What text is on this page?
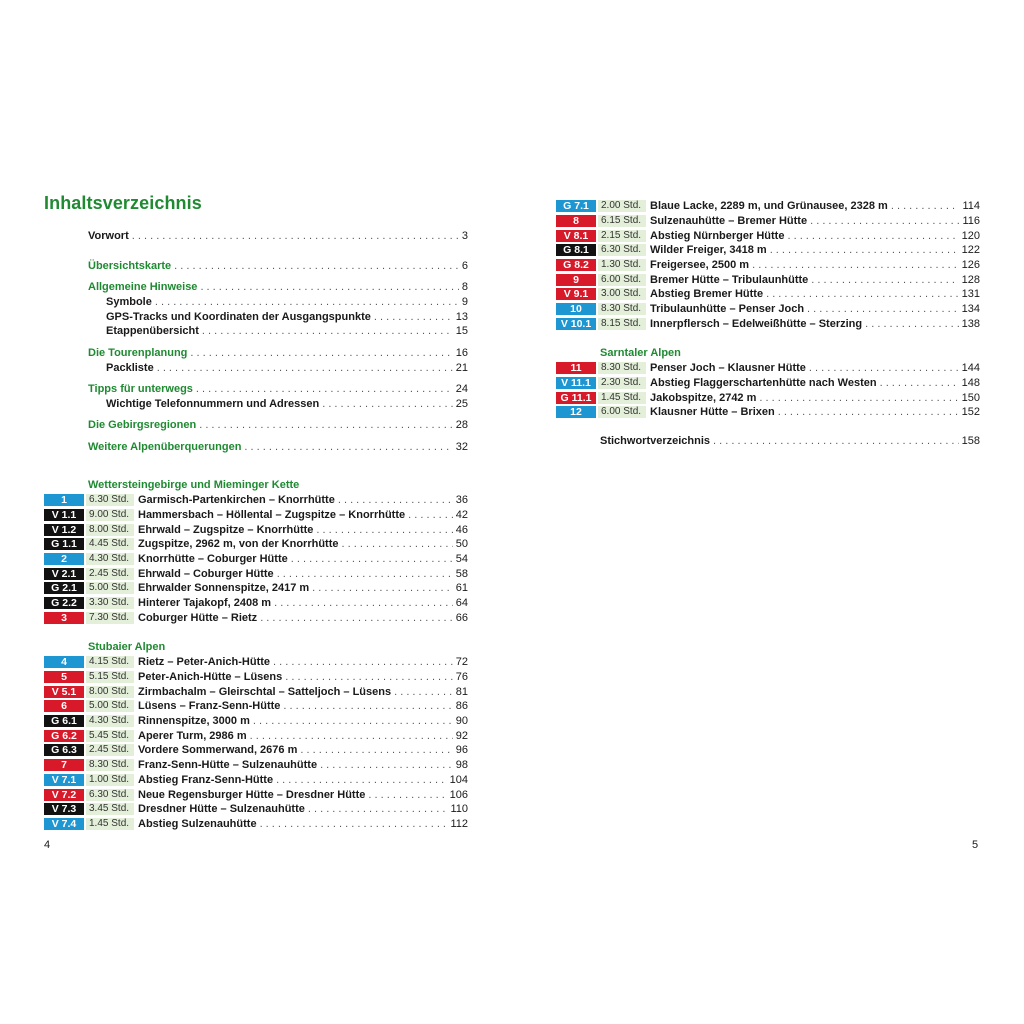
Inhaltsverzeichnis
Vorwort . . .	3
Übersichtskarte . . .	6
Allgemeine Hinweise . . .	8
Symbole . . .	9
GPS-Tracks und Koordinaten der Ausgangspunkte . . .	13
Etappenübersicht . . .	15
Die Tourenplanung . . .	16
Packliste . . .	21
Tipps für unterwegs . . .	24
Wichtige Telefonnummern und Adressen . . .	25
Die Gebirgsregionen . . .	28
Weitere Alpenüberquerungen . . .	32
Wettersteingebirge und Mieminger Kette
1	6.30 Std. Garmisch-Partenkirchen – Knorrhütte . . .	36
V 1.1	9.00 Std. Hammersbach – Höllental – Zugspitze – Knorrhütte . . .	42
V 1.2	8.00 Std. Ehrwald – Zugspitze – Knorrhütte . . .	46
G 1.1	4.45 Std. Zugspitze, 2962 m, von der Knorrhütte . . .	50
2	4.30 Std. Knorrhütte – Coburger Hütte . . .	54
V 2.1	2.45 Std. Ehrwald – Coburger Hütte . . .	58
G 2.1	5.00 Std. Ehrwalder Sonnenspitze, 2417 m . . .	61
G 2.2	3.30 Std. Hinterer Tajakopf, 2408 m . . .	64
3	7.30 Std. Coburger Hütte – Rietz . . .	66
Stubaier Alpen
4	4.15 Std. Rietz – Peter-Anich-Hütte . . .	72
5	5.15 Std. Peter-Anich-Hütte – Lüsens . . .	76
V 5.1	8.00 Std. Zirmbachalm – Gleirschtal – Satteljoch – Lüsens . . .	81
6	5.00 Std. Lüsens – Franz-Senn-Hütte . . .	86
G 6.1	4.30 Std. Rinnenspitze, 3000 m . . .	90
G 6.2	5.45 Std. Aperer Turm, 2986 m . . .	92
G 6.3	2.45 Std. Vordere Sommerwand, 2676 m . . .	96
7	8.30 Std. Franz-Senn-Hütte – Sulzenauhütte . . .	98
V 7.1	1.00 Std. Abstieg Franz-Senn-Hütte . . .	104
V 7.2	6.30 Std. Neue Regensburger Hütte – Dresdner Hütte . . .	106
V 7.3	3.45 Std. Dresdner Hütte – Sulzenauhütte . . .	110
V 7.4	1.45 Std. Abstieg Sulzenauhütte . . .	112
4
G 7.1	2.00 Std. Blaue Lacke, 2289 m, und Grünausee, 2328 m . . .	114
8	6.15 Std. Sulzenauhütte – Bremer Hütte . . .	116
V 8.1	2.15 Std. Abstieg Nürnberger Hütte . . .	120
G 8.1	6.30 Std. Wilder Freiger, 3418 m . . .	122
G 8.2	1.30 Std. Freigersee, 2500 m . . .	126
9	6.00 Std. Bremer Hütte – Tribulaunhütte . . .	128
V 9.1	3.00 Std. Abstieg Bremer Hütte . . .	131
10	8.30 Std. Tribulaunhütte – Penser Joch . . .	134
V 10.1 8.15 Std. Innerpflersch – Edelweißhütte – Sterzing . . .	138
Sarntaler Alpen
11	8.30 Std. Penser Joch – Klausner Hütte . . .	144
V 11.1	2.30 Std. Abstieg Flaggerschartenhütte nach Westen . . .	148
G 11.1 1.45 Std. Jakobspitze, 2742 m . . .	150
12	6.00 Std. Klausner Hütte – Brixen . . .	152
Stichwortverzeichnis . . .	158
5
